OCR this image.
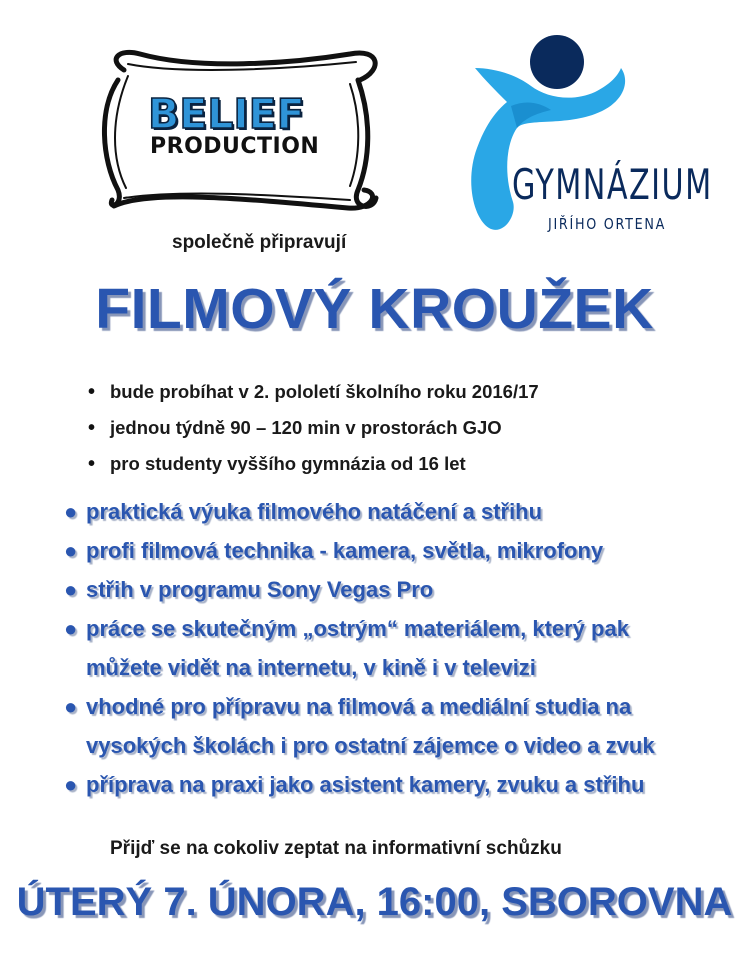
BELIEF
PRODUCTION
GYMNÁZIUM
JIŘÍHO ORTENA
společně připravují
FILMOVÝ KROUŽEK
• bude probíhat v 2. pololetí školního roku 2016/17
• jednou týdně 90 – 120 min v prostorách GJO
• pro studenty vyššího gymnázia od 16 let
● praktická výuka filmového natáčení a střihu
● profi filmová technika - kamera, světla, mikrofony
● střih v programu Sony Vegas Pro
● práce se skutečným „ostrým“ materiálem, který pak
můžete vidět na internetu, v kině i v televizi
● vhodné pro přípravu na filmová a mediální studia na
vysokých školách i pro ostatní zájemce o video a zvuk
● příprava na praxi jako asistent kamery, zvuku a střihu
Přijď se na cokoliv zeptat na informativní schůzku
ÚTERÝ 7. ÚNORA, 16:00, SBOROVNA
